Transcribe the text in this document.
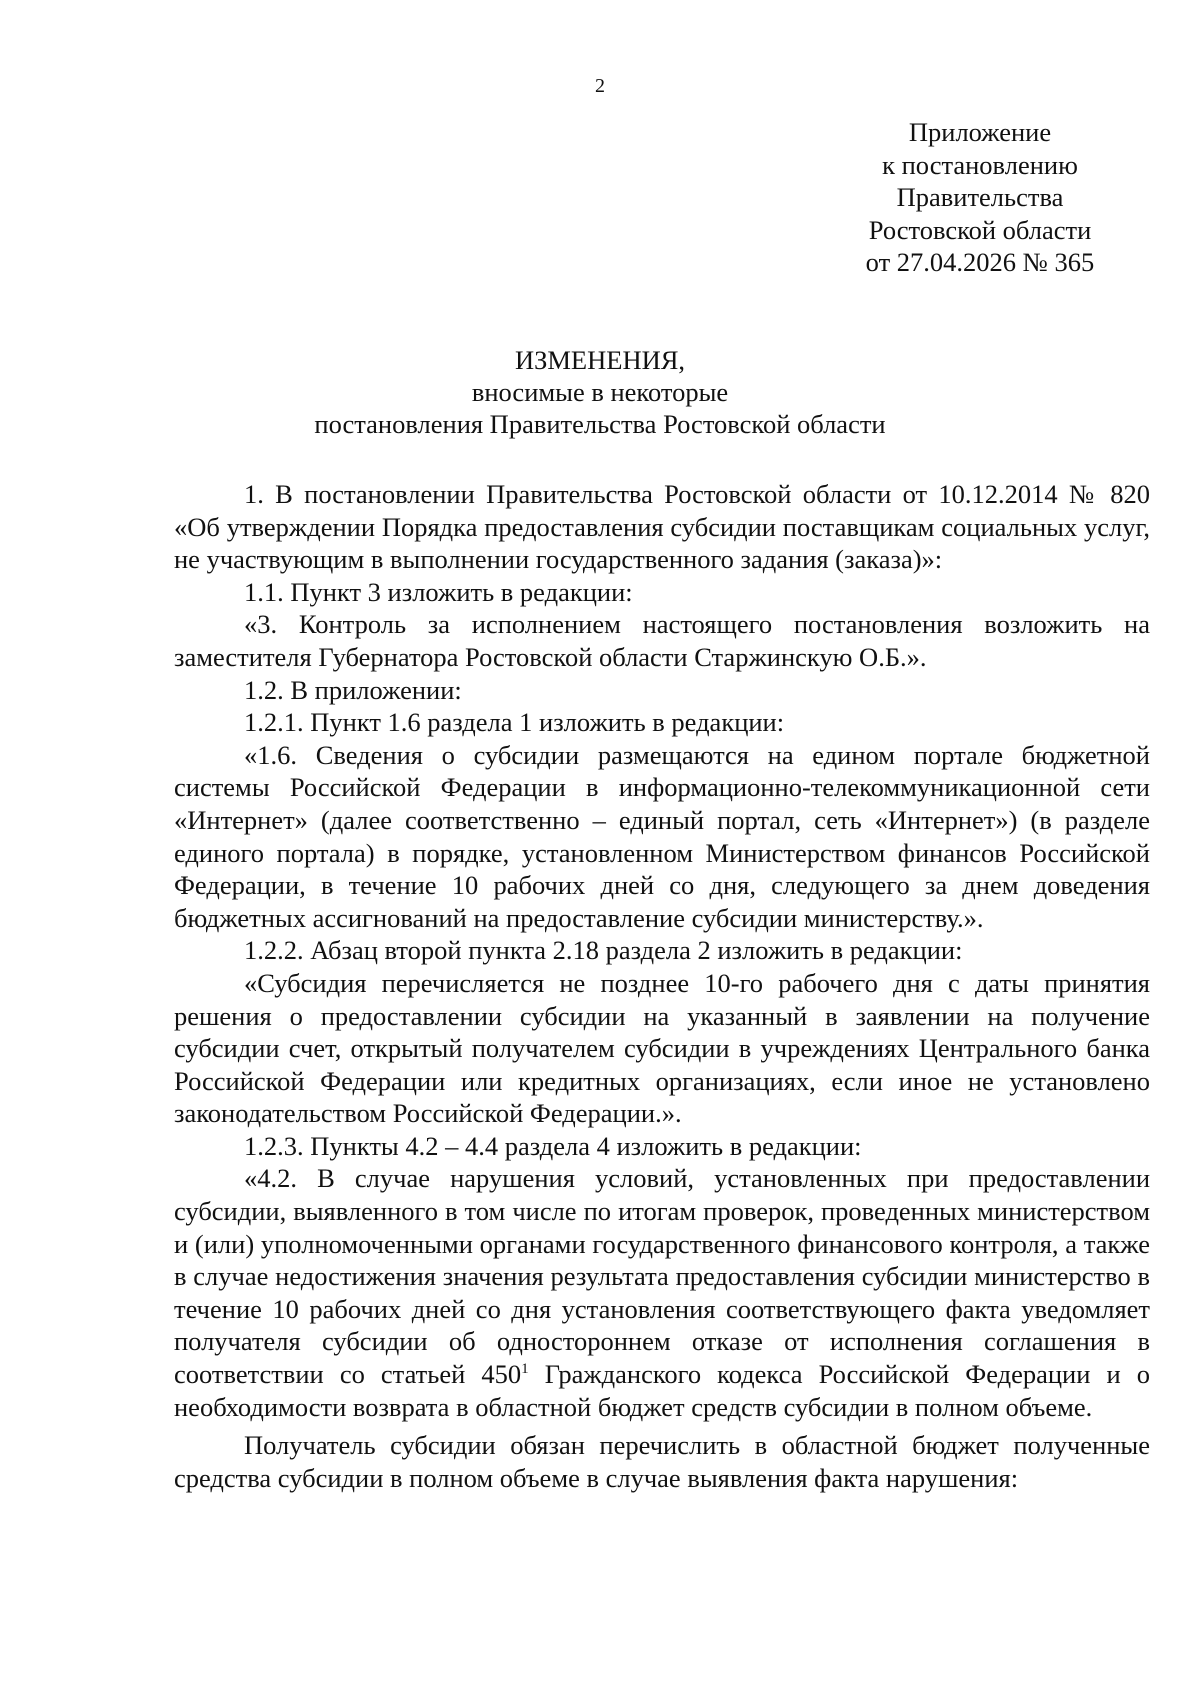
2
Приложение
к постановлению
Правительства
Ростовской области
от 27.04.2026 № 365
ИЗМЕНЕНИЯ,
вносимые в некоторые
постановления Правительства Ростовской области

1. В постановлении Правительства Ростовской области от 10.12.2014 № 820 «Об утверждении Порядка предоставления субсидии поставщикам социальных услуг, не участвующим в выполнении государственного задания (заказа)»:

1.1. Пункт 3 изложить в редакции:

«3. Контроль за исполнением настоящего постановления возложить на заместителя Губернатора Ростовской области Старжинскую О.Б.».

1.2. В приложении:

1.2.1. Пункт 1.6 раздела 1 изложить в редакции:

«1.6. Сведения о субсидии размещаются на едином портале бюджетной системы Российской Федерации в информационно-телекоммуникационной сети «Интернет» (далее соответственно – единый портал, сеть «Интернет») (в разделе единого портала) в порядке, установленном Министерством финансов Российской Федерации, в течение 10 рабочих дней со дня, следующего за днем доведения бюджетных ассигнований на предоставление субсидии министерству.».

1.2.2. Абзац второй пункта 2.18 раздела 2 изложить в редакции:

«Субсидия перечисляется не позднее 10-го рабочего дня с даты принятия решения о предоставлении субсидии на указанный в заявлении на получение субсидии счет, открытый получателем субсидии в учреждениях Центрального банка Российской Федерации или кредитных организациях, если иное не установлено законодательством Российской Федерации.».

1.2.3. Пункты 4.2 – 4.4 раздела 4 изложить в редакции:

«4.2. В случае нарушения условий, установленных при предоставлении субсидии, выявленного в том числе по итогам проверок, проведенных министерством и (или) уполномоченными органами государственного финансового контроля, а также в случае недостижения значения результата предоставления субсидии министерство в течение 10 рабочих дней со дня установления соответствующего факта уведомляет получателя субсидии об одностороннем отказе от исполнения соглашения в соответствии со статьей $450^1$ Гражданского кодекса Российской Федерации и о необходимости возврата в областной бюджет средств субсидии в полном объеме.

Получатель субсидии обязан перечислить в областной бюджет полученные средства субсидии в полном объеме в случае выявления факта нарушения:
